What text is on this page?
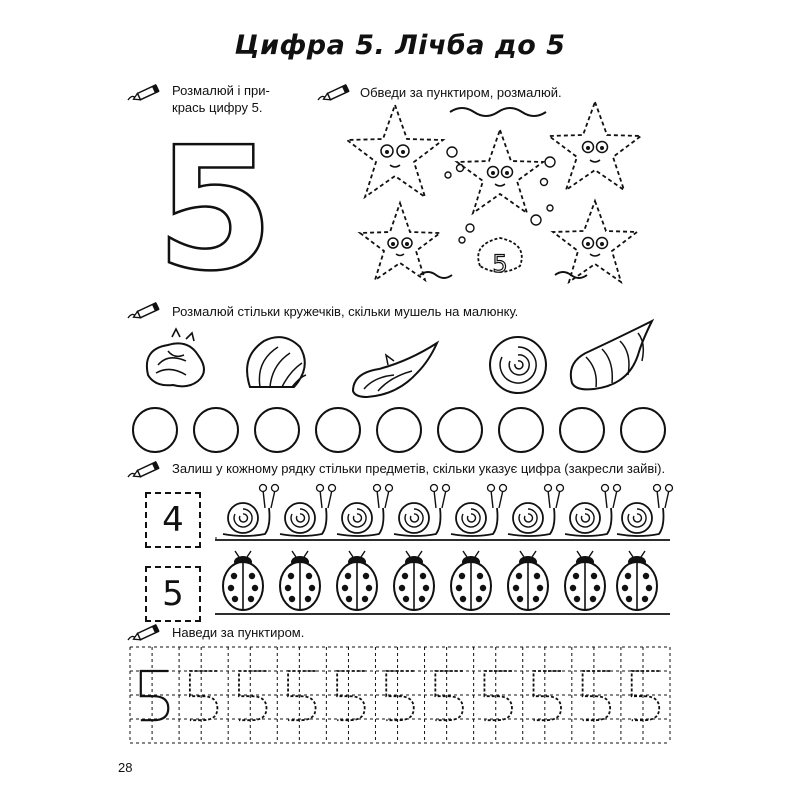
Цифра 5. Лічба до 5
Розмалюй і при-
крась цифру 5.
5
Обведи за пунктиром, розмалюй.
5
Розмалюй стільки кружечків, скільки мушель на малюнку.
Залиш у кожному рядку стільки предметів, скільки указує цифра (закресли зайві).
4
5
Наведи за пунктиром.
28
